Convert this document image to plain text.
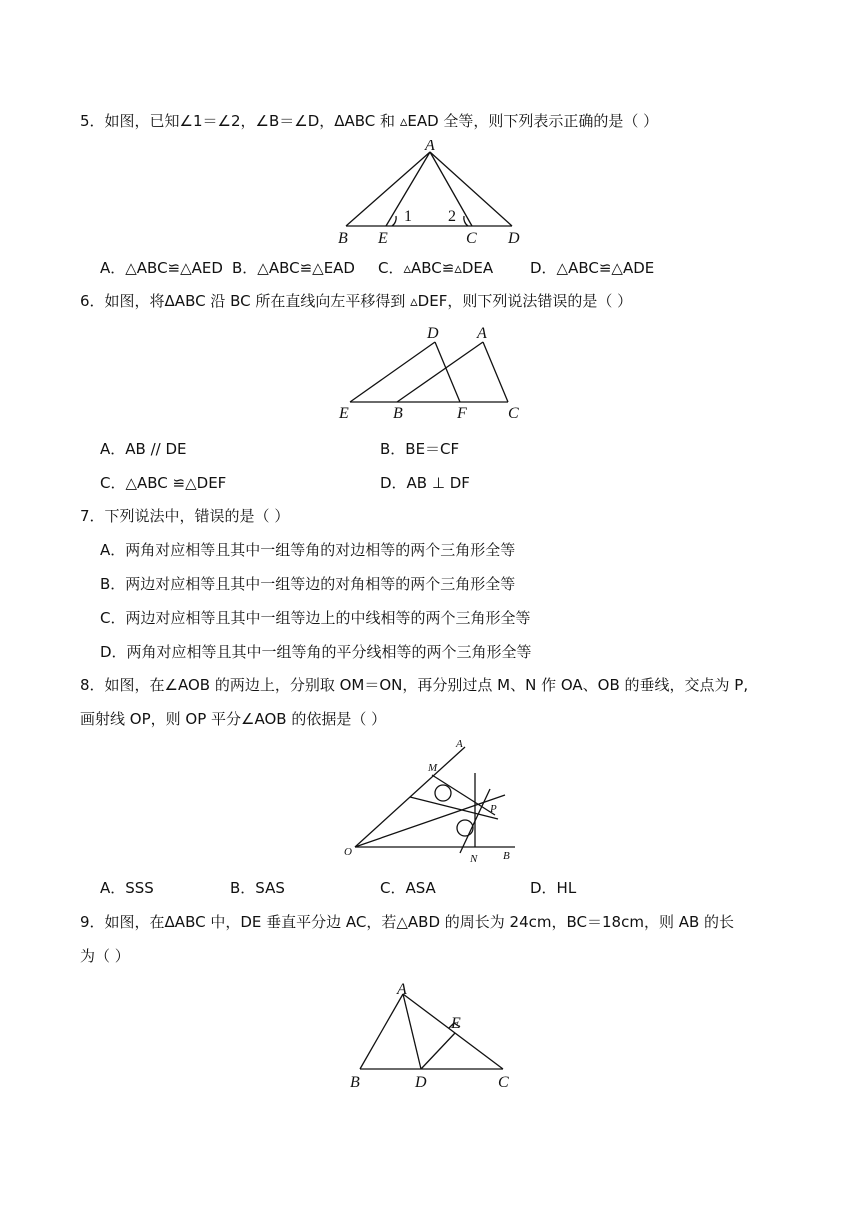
5．如图，已知∠1＝∠2，∠B＝∠D，ΔABC 和 ▵EAD 全等，则下列表示正确的是（ ）
A
B E	C D
1 2
A．△ABC≌△AED B．△ABC≌△EAD C．▵ABC≌▵DEA D．△ABC≌△ADE
6．如图，将ΔABC 沿 BC 所在直线向左平移得到 ▵DEF，则下列说法错误的是（ ）
D A
E	B	F	C
A．AB // DE	B．BE＝CF
C．△ABC ≌△DEF	D．AB ⊥ DF
7．下列说法中，错误的是（ ）
A．两角对应相等且其中一组等角的对边相等的两个三角形全等
B．两边对应相等且其中一组等边的对角相等的两个三角形全等
C．两边对应相等且其中一组等边上的中线相等的两个三角形全等
D．两角对应相等且其中一组等角的平分线相等的两个三角形全等
8．如图，在∠AOB 的两边上，分别取 OM＝ON，再分别过点 M、N 作 OA、OB 的垂线，交点为 P,
画射线 OP，则 OP 平分∠AOB 的依据是（ ）
A
M
P
O
N B
A．SSS	B．SAS	C．ASA	D．HL
9．如图，在ΔABC 中，DE 垂直平分边 AC，若△ABD 的周长为 24cm，BC＝18cm，则 AB 的长
为（ ）
A
E
B	D	C
